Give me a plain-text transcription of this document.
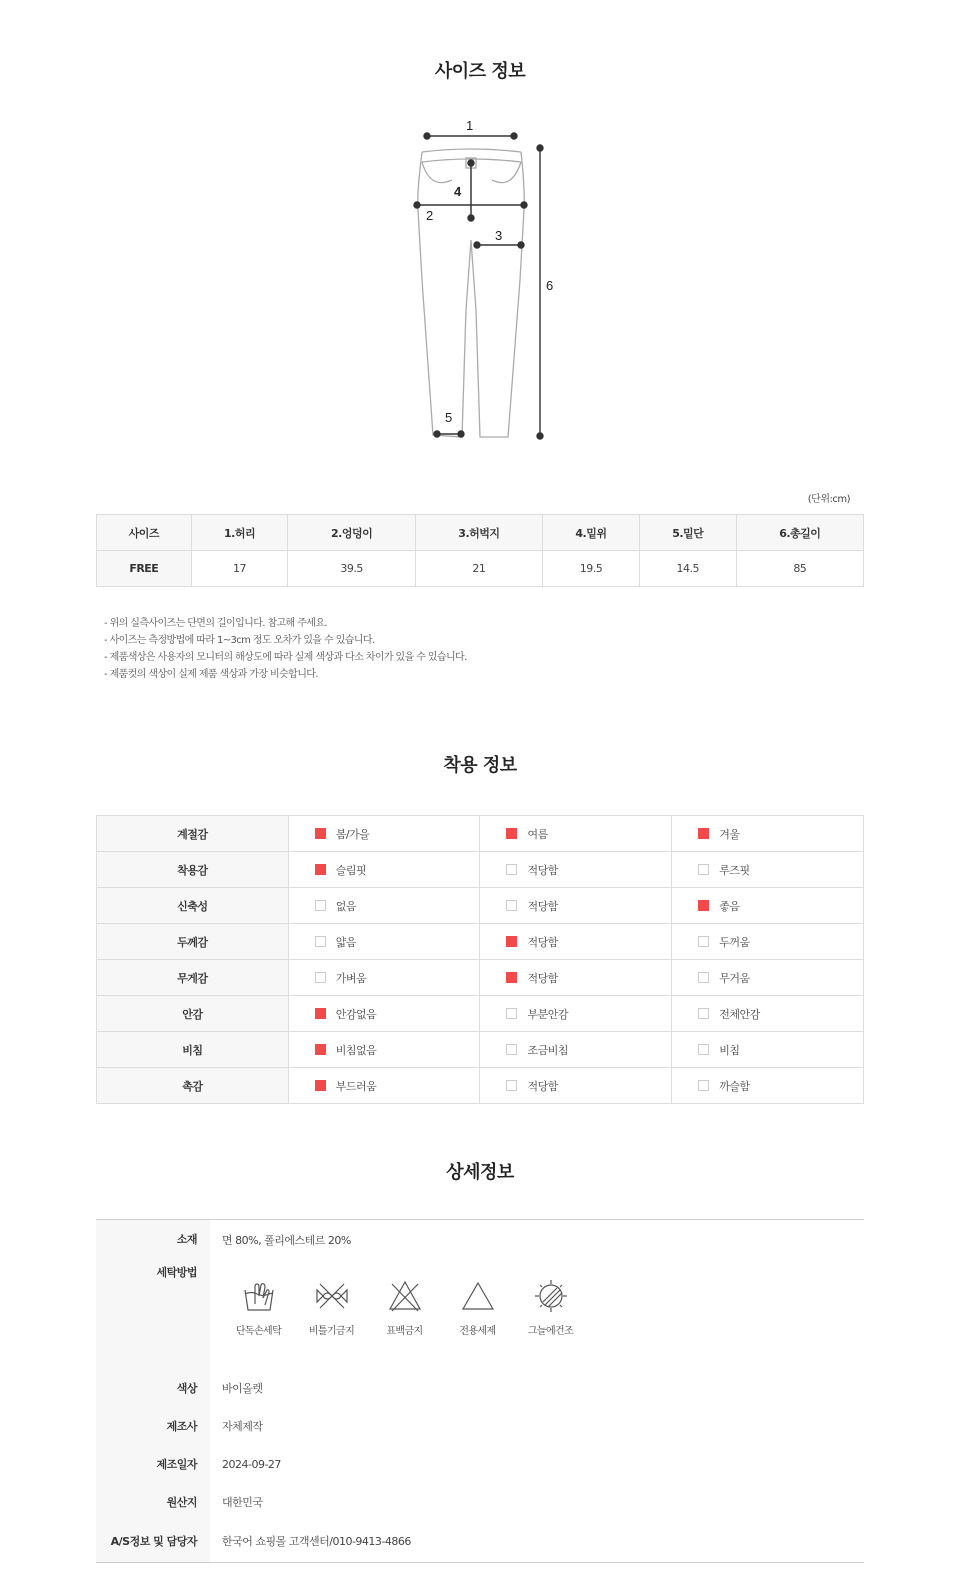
사이즈 정보
1
2
3
4
5
6
(단위:cm)
사이즈	1.허리	2.엉덩이	3.허벅지	4.밑위	5.밑단	6.총길이
FREE	17	39.5	21	19.5	14.5	85
- 위의 실측사이즈는 단면의 길이입니다. 참고해 주세요.
- 사이즈는 측정방법에 따라 1~3cm 정도 오차가 있을 수 있습니다.
- 제품색상은 사용자의 모니터의 해상도에 따라 실제 색상과 다소 차이가 있을 수 있습니다.
- 제품컷의 색상이 실제 제품 색상과 가장 비슷합니다.
착용 정보
계절감	봄/가을	여름	겨울
착용감	슬림핏	적당함	루즈핏
신축성	없음	적당함	좋음
두께감	얇음	적당함	두꺼움
무게감	가벼움	적당함	무거움
안감	안감없음	부분안감	전체안감
비침	비침없음	조금비침	비침
촉감	부드러움	적당함	까슬함
상세정보
소재	면 80%, 폴리에스테르 20%
세탁방법
단독손세탁	비틀기금지	표백금지	전용세제	그늘에건조
색상	바이올렛
제조사	자체제작
제조일자	2024-09-27
원산지	대한민국
A/S정보 및 담당자	한국어 쇼핑몰 고객센터/010-9413-4866
